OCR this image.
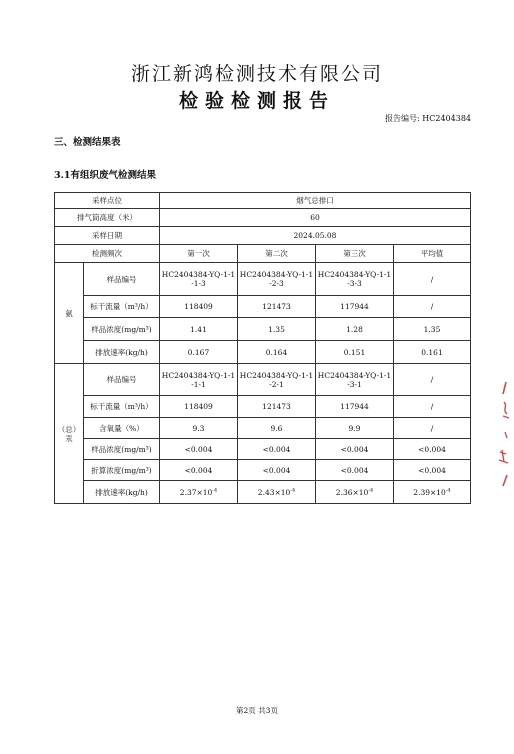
浙江新鸿检测技术有限公司
检验检测报告
报告编号: HC2404384
三、检测结果表
3.1有组织废气检测结果
采样点位		烟气总排口			
排气筒高度（米）		60			
采样日期		2024.05.08			
检测频次		第一次	第二次	第三次	平均值
氨	样品编号	HC2404384-YQ-1-1-1-3	HC2404384-YQ-1-1-2-3	HC2404384-YQ-1-1-3-3	/
	标干流量（m³/h）	118409	121473	117944	/
	样品浓度(mg/m³)	1.41	1.35	1.28	1.35
	排放速率(kg/h)	0.167	0.164	0.151	0.161
（总）
汞	样品编号	HC2404384-YQ-1-1-1-1	HC2404384-YQ-1-1-2-1	HC2404384-YQ-1-1-3-1	/
	标干流量（m³/h）	118409	121473	117944	/
	含氧量（%）	9.3	9.6	9.9	/
	样品浓度(mg/m³)	<0.004	<0.004	<0.004	<0.004
	折算浓度(mg/m³)	<0.004	<0.004	<0.004	<0.004
	排放速率(kg/h)	$2.37\times 10^{-4}$	$2.43\times 10^{-4}$	$2.36\times 10^{-4}$	$2.39\times 10^{-4}$
第2页 共3页
